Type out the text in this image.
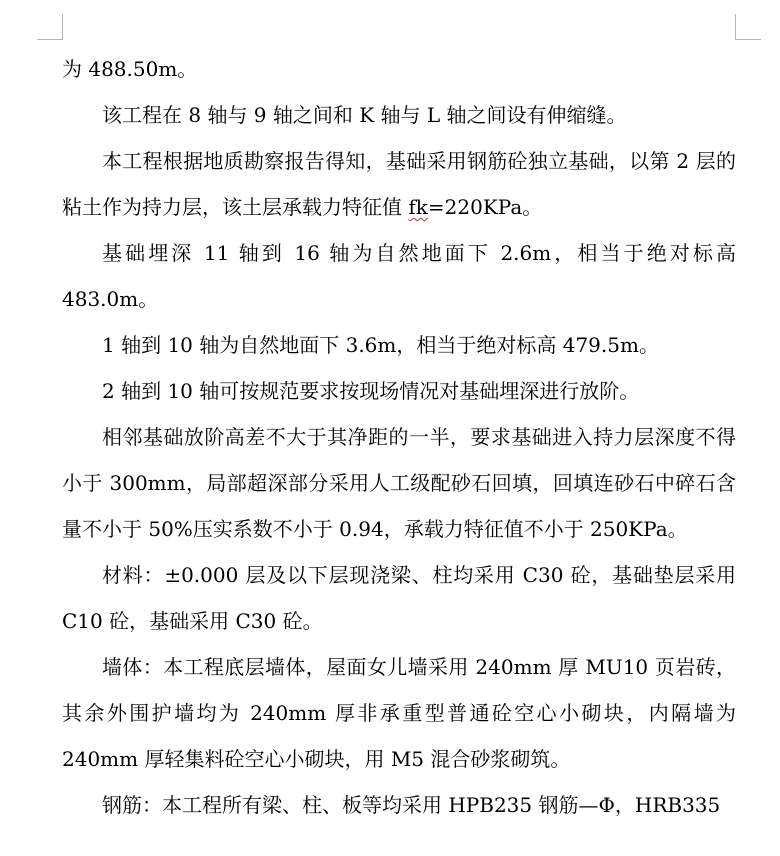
为 488.50m。

该工程在 8 轴与 9 轴之间和 K 轴与 L 轴之间设有伸缩缝。

本工程根据地质勘察报告得知，基础采用钢筋砼独立基础，以第 2 层的粘土作为持力层，该土层承载力特征值 fk=220KPa。

基础埋深 11 轴到 16 轴为自然地面下 2.6m，相当于绝对标高 483.0m。

1 轴到 10 轴为自然地面下 3.6m，相当于绝对标高 479.5m。

2 轴到 10 轴可按规范要求按现场情况对基础埋深进行放阶。

相邻基础放阶高差不大于其净距的一半，要求基础进入持力层深度不得小于 300mm，局部超深部分采用人工级配砂石回填，回填连砂石中碎石含量不小于 50%压实系数不小于 0.94，承载力特征值不小于 250KPa。

材料：±0.000 层及以下层现浇梁、柱均采用 C30 砼，基础垫层采用 C10 砼，基础采用 C30 砼。

墙体：本工程底层墙体，屋面女儿墙采用 240mm 厚 MU10 页岩砖，其余外围护墙均为 240mm 厚非承重型普通砼空心小砌块，内隔墙为 240mm 厚轻集料砼空心小砌块，用 M5 混合砂浆砌筑。

钢筋：本工程所有梁、柱、板等均采用 HPB235 钢筋—Φ，HRB335
